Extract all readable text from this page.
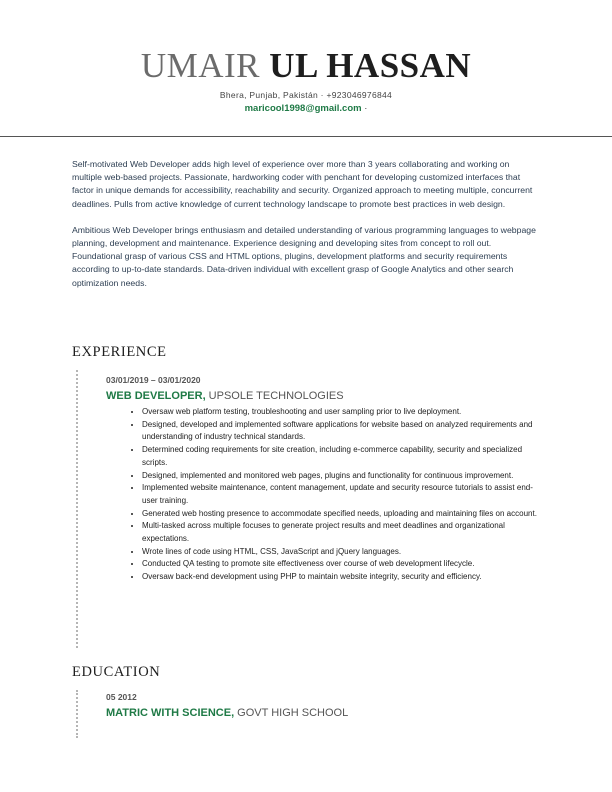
UMAIR UL HASSAN
Bhera, Punjab, Pakistán · +923046976844
maricool1998@gmail.com ·

Self-motivated Web Developer adds high level of experience over more than 3 years collaborating and working on multiple web-based projects. Passionate, hardworking coder with penchant for developing customized interfaces that factor in unique demands for accessibility, reachability and security. Organized approach to meeting multiple, concurrent deadlines. Pulls from active knowledge of current technology landscape to promote best practices in web design.

Ambitious Web Developer brings enthusiasm and detailed understanding of various programming languages to webpage planning, development and maintenance. Experience designing and developing sites from concept to roll out. Foundational grasp of various CSS and HTML options, plugins, development platforms and security requirements according to up-to-date standards. Data-driven individual with excellent grasp of Google Analytics and other search optimization needs.

EXPERIENCE
03/01/2019 – 03/01/2020
WEB DEVELOPER, UPSOLE TECHNOLOGIES
• Oversaw web platform testing, troubleshooting and user sampling prior to live deployment.
• Designed, developed and implemented software applications for website based on analyzed requirements and understanding of industry technical standards.
• Determined coding requirements for site creation, including e-commerce capability, security and specialized scripts.
• Designed, implemented and monitored web pages, plugins and functionality for continuous improvement.
• Implemented website maintenance, content management, update and security resource tutorials to assist end-user training.
• Generated web hosting presence to accommodate specified needs, uploading and maintaining files on account.
• Multi-tasked across multiple focuses to generate project results and meet deadlines and organizational expectations.
• Wrote lines of code using HTML, CSS, JavaScript and jQuery languages.
• Conducted QA testing to promote site effectiveness over course of web development lifecycle.
• Oversaw back-end development using PHP to maintain website integrity, security and efficiency.
EDUCATION
05 2012
MATRIC WITH SCIENCE, GOVT HIGH SCHOOL
